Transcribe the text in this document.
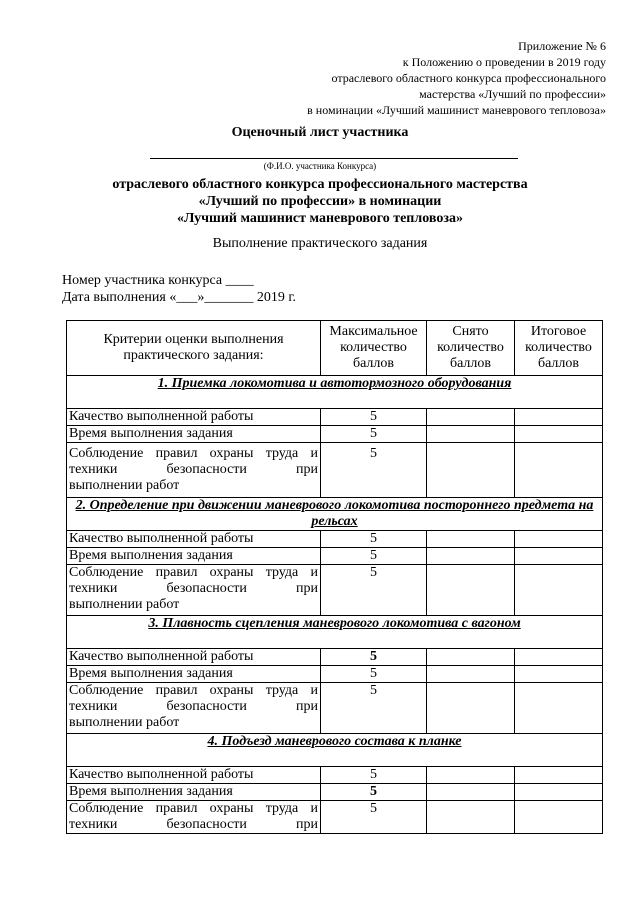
Приложение № 6
к Положению о проведении в 2019 году
отраслевого областного конкурса профессионального
мастерства «Лучший по профессии»
в номинации «Лучший машинист маневрового тепловоза»
Оценочный лист участника
(Ф.И.О. участника Конкурса)
отраслевого областного конкурса профессионального мастерства
«Лучший по профессии» в номинации
«Лучший машинист маневрового тепловоза»
Выполнение практического задания
Номер участника конкурса ____
Дата выполнения «___»_______ 2019 г.
Критерии оценки выполнения практического задания:	Максимальное количество баллов	Снято количество баллов	Итоговое количество баллов
1. Приемка локомотива и автотормозного оборудования			
Качество выполненной работы	5		
Время выполнения задания	5		

Соблюдение правил охраны труда и техники безопасности при
выполнении работ	5		
2. Определение при движении маневрового локомотива постороннего предмета на рельсах			
Качество выполненной работы	5		
Время выполнения задания	5		

Соблюдение правил охраны труда и техники безопасности при
выполнении работ	5		
3. Плавность сцепления маневрового локомотива с вагоном			
Качество выполненной работы	5		
Время выполнения задания	5		

Соблюдение правил охраны труда и техники безопасности при
выполнении работ	5		
4. Подъезд маневрового состава к планке			
Качество выполненной работы	5		
Время выполнения задания	5		

Соблюдение правил охраны труда и техники безопасности при	5		
